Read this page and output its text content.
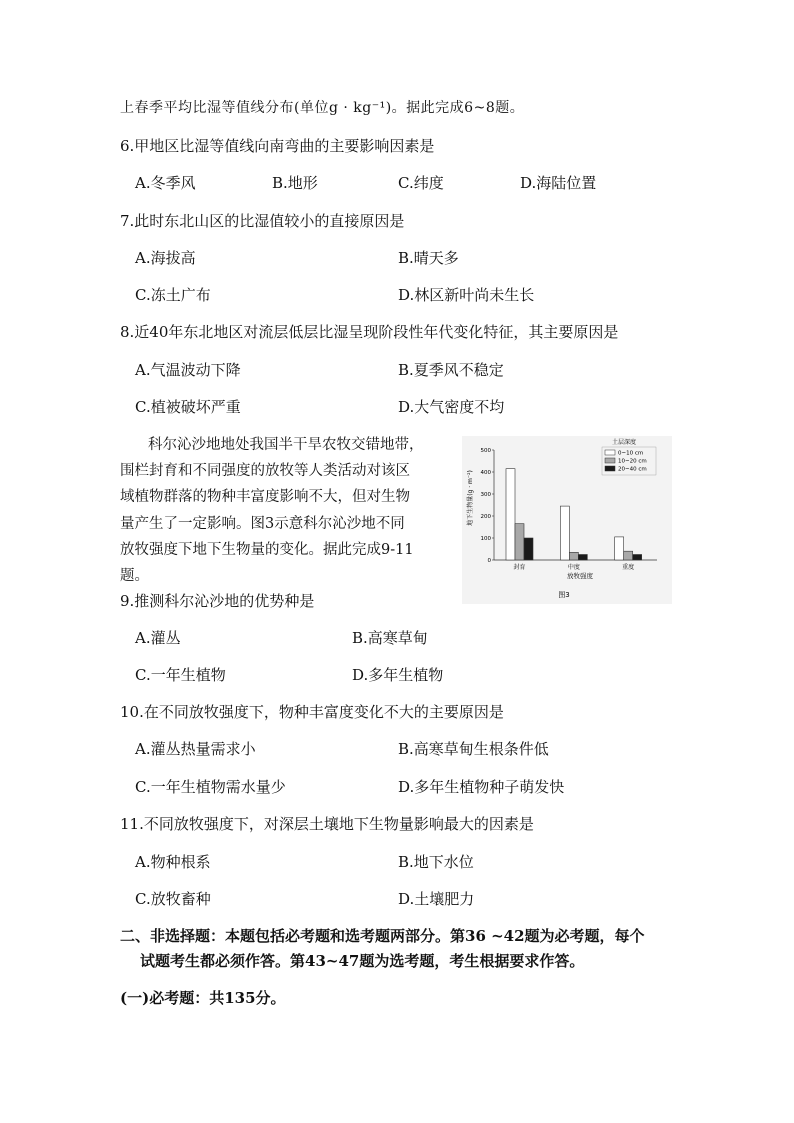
上春季平均比湿等值线分布(单位g · kg⁻¹)。据此完成6~8题。
6.甲地区比湿等值线向南弯曲的主要影响因素是
A.冬季风	B.地形	C.纬度	D.海陆位置
7.此时东北山区的比湿值较小的直接原因是
A.海拔高	B.晴天多
C.冻土广布	D.林区新叶尚未生长
8.近40年东北地区对流层低层比湿呈现阶段性年代变化特征，其主要原因是
A.气温波动下降	B.夏季风不稳定
C.植被破坏严重	D.大气密度不均
科尔沁沙地地处我国半干旱农牧交错地带，
围栏封育和不同强度的放牧等人类活动对该区
域植物群落的物种丰富度影响不大，但对生物
量产生了一定影响。图3示意科尔沁沙地不同
放牧强度下地下生物量的变化。据此完成9-11
题。
0
100
200
300
400
500
封育	中度	重度
地下生物量(g · m⁻²)
放牧强度
图3
土层深度
0~10 cm
10~20 cm
20~40 cm
9.推测科尔沁沙地的优势种是
A.灌丛	B.高寒草甸
C.一年生植物	D.多年生植物
10.在不同放牧强度下，物种丰富度变化不大的主要原因是
A.灌丛热量需求小	B.高寒草甸生根条件低
C.一年生植物需水量少	D.多年生植物种子萌发快
11.不同放牧强度下，对深层土壤地下生物量影响最大的因素是
A.物种根系	B.地下水位
C.放牧畜种	D.土壤肥力
二、非选择题：本题包括必考题和选考题两部分。第36 ~42题为必考题，每个
试题考生都必须作答。第43~47题为选考题，考生根据要求作答。
(一)必考题：共135分。
